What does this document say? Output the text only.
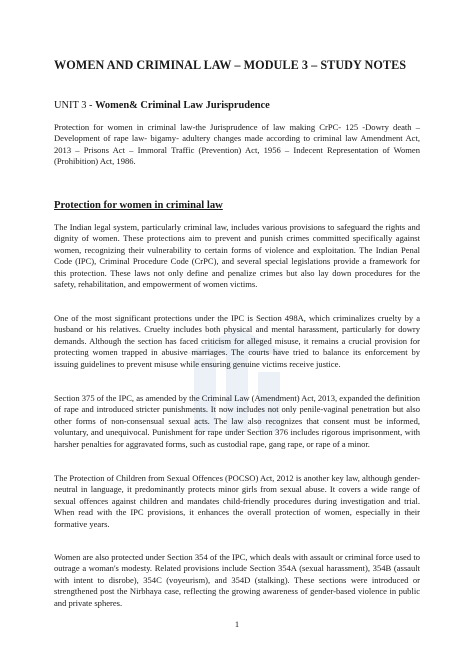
WOMEN AND CRIMINAL LAW – MODULE 3 – STUDY NOTES
UNIT 3 - Women& Criminal Law Jurisprudence

Protection for women in criminal law-the Jurisprudence of law making CrPC- 125 -Dowry death – Development of rape law- bigamy- adultery changes made according to criminal law Amendment Act, 2013 – Prisons Act – Immoral Traffic (Prevention) Act, 1956 – Indecent Representation of Women (Prohibition) Act, 1986.

Protection for women in criminal law

The Indian legal system, particularly criminal law, includes various provisions to safeguard the rights and dignity of women. These protections aim to prevent and punish crimes committed specifically against women, recognizing their vulnerability to certain forms of violence and exploitation. The Indian Penal Code (IPC), Criminal Procedure Code (CrPC), and several special legislations provide a framework for this protection. These laws not only define and penalize crimes but also lay down procedures for the safety, rehabilitation, and empowerment of women victims.

One of the most significant protections under the IPC is Section 498A, which criminalizes cruelty by a husband or his relatives. Cruelty includes both physical and mental harassment, particularly for dowry demands. Although the section has faced criticism for alleged misuse, it remains a crucial provision for protecting women trapped in abusive marriages. The courts have tried to balance its enforcement by issuing guidelines to prevent misuse while ensuring genuine victims receive justice.

Section 375 of the IPC, as amended by the Criminal Law (Amendment) Act, 2013, expanded the definition of rape and introduced stricter punishments. It now includes not only penile-vaginal penetration but also other forms of non-consensual sexual acts. The law also recognizes that consent must be informed, voluntary, and unequivocal. Punishment for rape under Section 376 includes rigorous imprisonment, with harsher penalties for aggravated forms, such as custodial rape, gang rape, or rape of a minor.

The Protection of Children from Sexual Offences (POCSO) Act, 2012 is another key law, although gender-neutral in language, it predominantly protects minor girls from sexual abuse. It covers a wide range of sexual offences against children and mandates child-friendly procedures during investigation and trial. When read with the IPC provisions, it enhances the overall protection of women, especially in their formative years.

Women are also protected under Section 354 of the IPC, which deals with assault or criminal force used to outrage a woman's modesty. Related provisions include Section 354A (sexual harassment), 354B (assault with intent to disrobe), 354C (voyeurism), and 354D (stalking). These sections were introduced or strengthened post the Nirbhaya case, reflecting the growing awareness of gender-based violence in public and private spheres.

1
